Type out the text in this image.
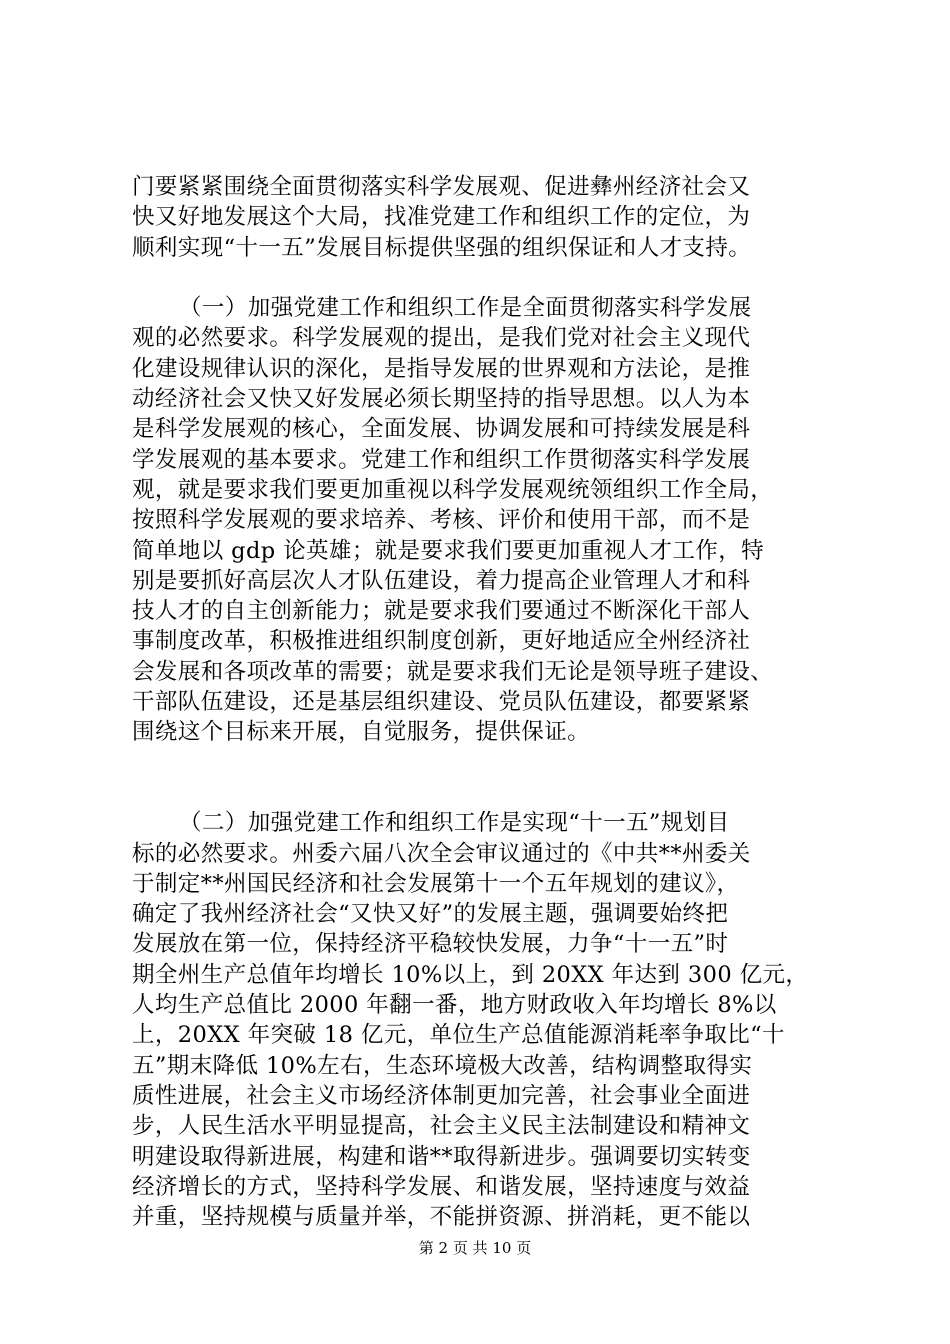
门要紧紧围绕全面贯彻落实科学发展观、促进彝州经济社会又
快又好地发展这个大局，找准党建工作和组织工作的定位，为
顺利实现“十一五”发展目标提供坚强的组织保证和人才支持。
（一）加强党建工作和组织工作是全面贯彻落实科学发展
观的必然要求。科学发展观的提出，是我们党对社会主义现代
化建设规律认识的深化，是指导发展的世界观和方法论，是推
动经济社会又快又好发展必须长期坚持的指导思想。以人为本
是科学发展观的核心，全面发展、协调发展和可持续发展是科
学发展观的基本要求。党建工作和组织工作贯彻落实科学发展
观，就是要求我们要更加重视以科学发展观统领组织工作全局，
按照科学发展观的要求培养、考核、评价和使用干部，而不是
简单地以 gdp 论英雄；就是要求我们要更加重视人才工作，特
别是要抓好高层次人才队伍建设，着力提高企业管理人才和科
技人才的自主创新能力；就是要求我们要通过不断深化干部人
事制度改革，积极推进组织制度创新，更好地适应全州经济社
会发展和各项改革的需要；就是要求我们无论是领导班子建设、
干部队伍建设，还是基层组织建设、党员队伍建设，都要紧紧
围绕这个目标来开展，自觉服务，提供保证。
（二）加强党建工作和组织工作是实现“十一五”规划目
标的必然要求。州委六届八次全会审议通过的《中共**州委关
于制定**州国民经济和社会发展第十一个五年规划的建议》，
确定了我州经济社会“又快又好”的发展主题，强调要始终把
发展放在第一位，保持经济平稳较快发展，力争“十一五”时
期全州生产总值年均增长 10%以上，到 20XX 年达到 300 亿元，
人均生产总值比 2000 年翻一番，地方财政收入年均增长 8%以
上，20XX 年突破 18 亿元，单位生产总值能源消耗率争取比“十
五”期末降低 10%左右，生态环境极大改善，结构调整取得实
质性进展，社会主义市场经济体制更加完善，社会事业全面进
步，人民生活水平明显提高，社会主义民主法制建设和精神文
明建设取得新进展，构建和谐**取得新进步。强调要切实转变
经济增长的方式，坚持科学发展、和谐发展，坚持速度与效益
并重，坚持规模与质量并举，不能拼资源、拼消耗，更不能以
第 2 页 共 10 页
